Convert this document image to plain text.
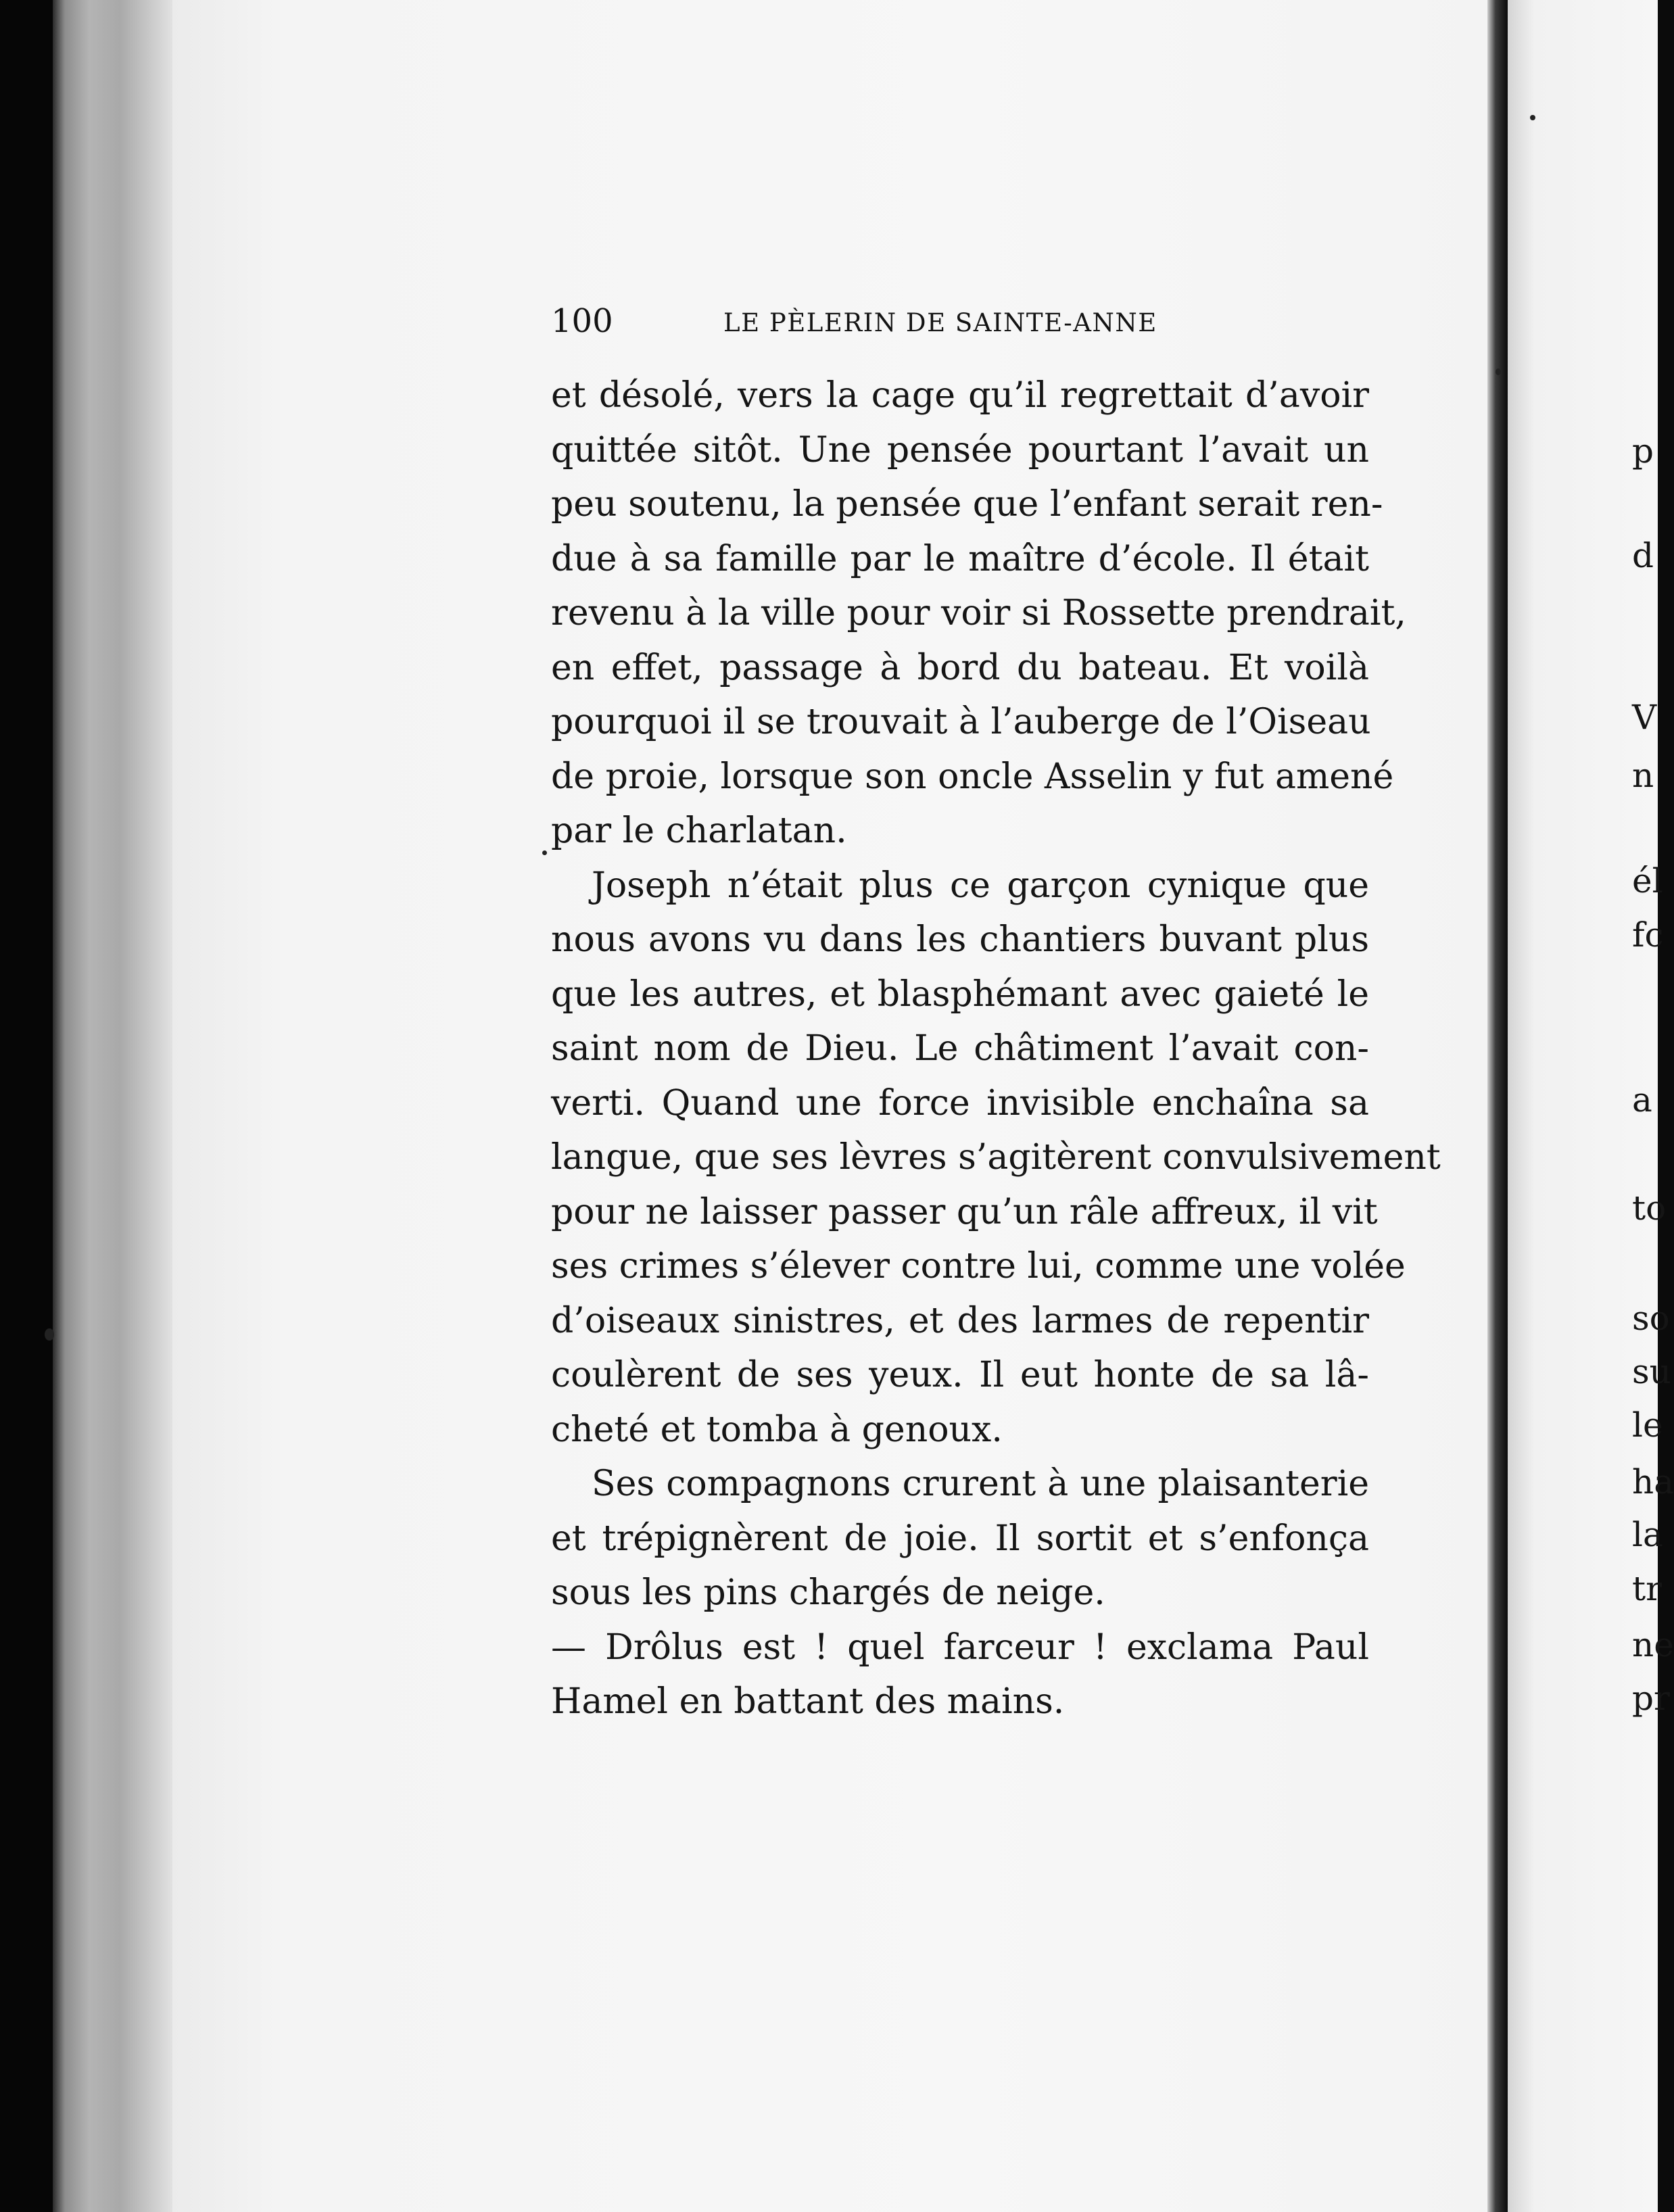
100	LE PÈLERIN DE SAINTE-ANNE
et désolé, vers la cage qu’il regrettait d’avoir
quittée sitôt. Une pensée pourtant l’avait un
peu soutenu, la pensée que l’enfant serait ren-
due à sa famille par le maître d’école. Il était
revenu à la ville pour voir si Rossette prendrait,
en effet, passage à bord du bateau. Et voilà
pourquoi il se trouvait à l’auberge de l’Oiseau
de proie, lorsque son oncle Asselin y fut amené
par le charlatan.
Joseph n’était plus ce garçon cynique que
nous avons vu dans les chantiers buvant plus
que les autres, et blasphémant avec gaieté le
saint nom de Dieu. Le châtiment l’avait con-
verti. Quand une force invisible enchaîna sa
langue, que ses lèvres s’agitèrent convulsivement
pour ne laisser passer qu’un râle affreux, il vit
ses crimes s’élever contre lui, comme une volée
d’oiseaux sinistres, et des larmes de repentir
coulèrent de ses yeux. Il eut honte de sa lâ-
cheté et tomba à genoux.
Ses compagnons crurent à une plaisanterie
et trépignèrent de joie. Il sortit et s’enfonça
sous les pins chargés de neige.
— Drôlus est ! quel farceur ! exclama Paul
Hamel en battant des mains.
p
d
V
n
él
fc
a
to
so
su
le
ha
la
tr
ne
pr
